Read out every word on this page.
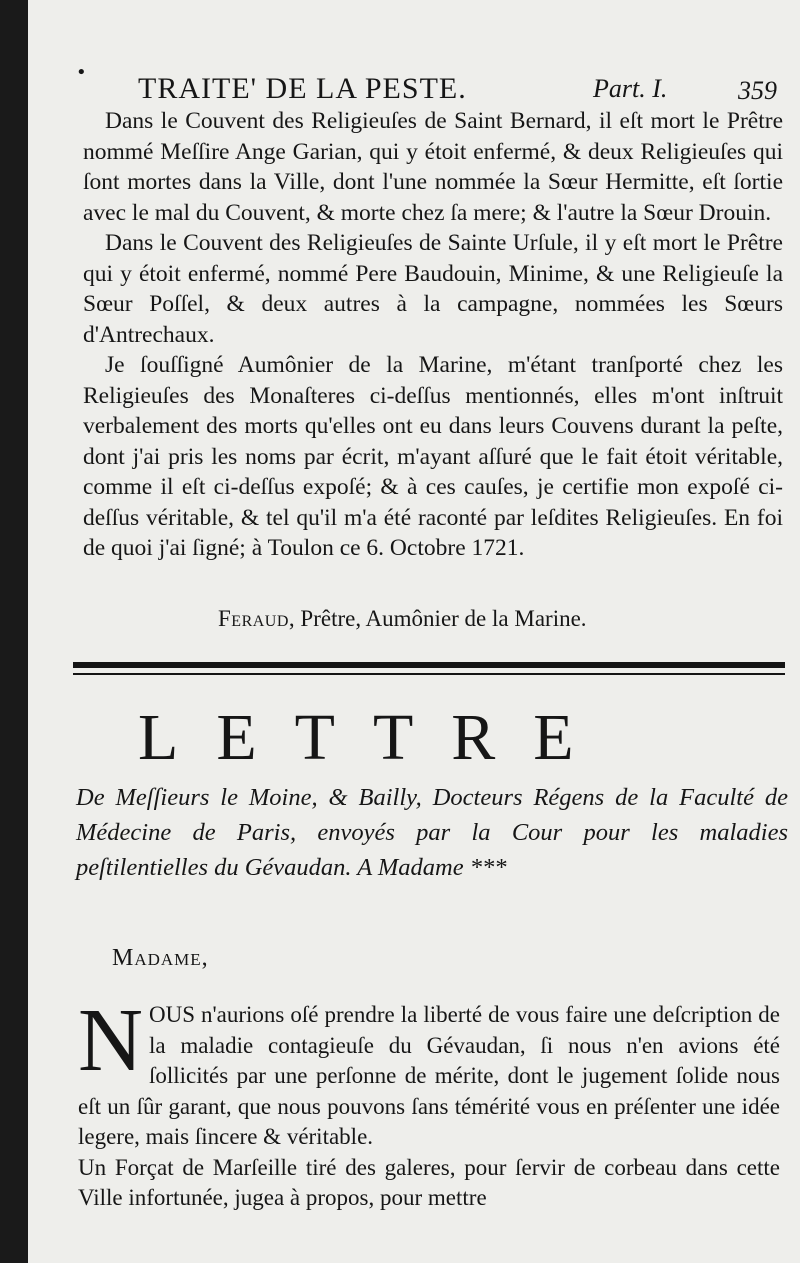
• TRAITE' DE LA PESTE.	Part. I.	359

Dans le Couvent des Religieuſes de Saint Bernard, il eſt mort le Prêtre nommé Meſſire Ange Garian, qui y étoit enfermé, & deux Religieuſes qui ſont mortes dans la Ville, dont l'une nommée la Sœur Hermitte, eſt ſortie avec le mal du Couvent, & morte chez ſa mere; & l'autre la Sœur Drouin.

Dans le Couvent des Religieuſes de Sainte Urſule, il y eſt mort le Prêtre qui y étoit enfermé, nommé Pere Baudouin, Minime, & une Religieuſe la Sœur Poſſel, & deux autres à la campagne, nommées les Sœurs d'Antrechaux.

Je ſouſſigné Aumônier de la Marine, m'étant tranſporté chez les Religieuſes des Monaſteres ci-deſſus mentionnés, elles m'ont inſtruit verbalement des morts qu'elles ont eu dans leurs Couvens durant la peſte, dont j'ai pris les noms par écrit, m'ayant aſſuré que le fait étoit véritable, comme il eſt ci-deſſus expoſé; & à ces cauſes, je certifie mon expoſé ci-deſſus véritable, & tel qu'il m'a été raconté par leſdites Religieuſes. En foi de quoi j'ai ſigné; à Toulon ce 6. Octobre 1721.

Feraud, Prêtre, Aumônier de la Marine.
LETTRE
De Meſſieurs le Moine, & Bailly, Docteurs Régens de la Faculté de Médecine de Paris, envoyés par la Cour pour les maladies peſtilentielles du Gévaudan. A Madame ***
Madame,

NOUS n'aurions oſé prendre la liberté de vous faire une deſcription de la maladie contagieuſe du Gévaudan, ſi nous n'en avions été ſollicités par une perſonne de mérite, dont le jugement ſolide nous eſt un ſûr garant, que nous pouvons ſans témérité vous en préſenter une idée legere, mais ſincere & véritable.

Un Forçat de Marſeille tiré des galeres, pour ſervir de corbeau dans cette Ville infortunée, jugea à propos, pour mettre
